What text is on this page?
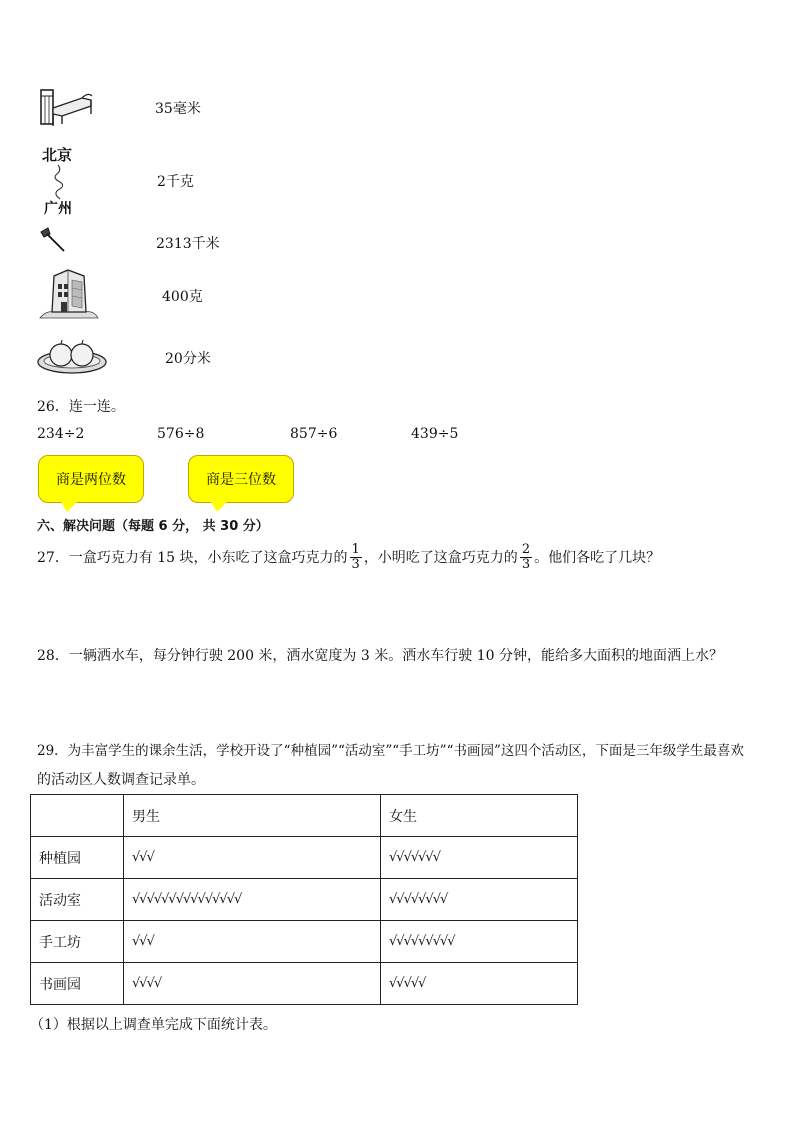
北京
广州
35毫米
2千克
2313千米
400克
20分米
26．连一连。
234÷2	576÷8	857÷6	439÷5
商是两位数	商是三位数
六、解决问题（每题 6 分， 共 30 分）
27．一盒巧克力有 15 块，小东吃了这盒巧克力的 $\frac{1}{3}$ ，小明吃了这盒巧克力的 $\frac{2}{3}$ 。他们各吃了几块？
28．一辆洒水车，每分钟行驶 200 米，洒水宽度为 3 米。洒水车行驶 10 分钟，能给多大面积的地面洒上水？
29．为丰富学生的课余生活，学校开设了“种植园”“活动室”“手工坊”“书画园”这四个活动区，下面是三年级学生最喜欢
的活动区人数调查记录单。
	男生	女生
种植园	√√√	√√√√√√√
活动室	√√√√√√√√√√√√√√√	√√√√√√√√
手工坊	√√√	√√√√√√√√√
书画园	√√√√	√√√√√
（1）根据以上调查单完成下面统计表。
